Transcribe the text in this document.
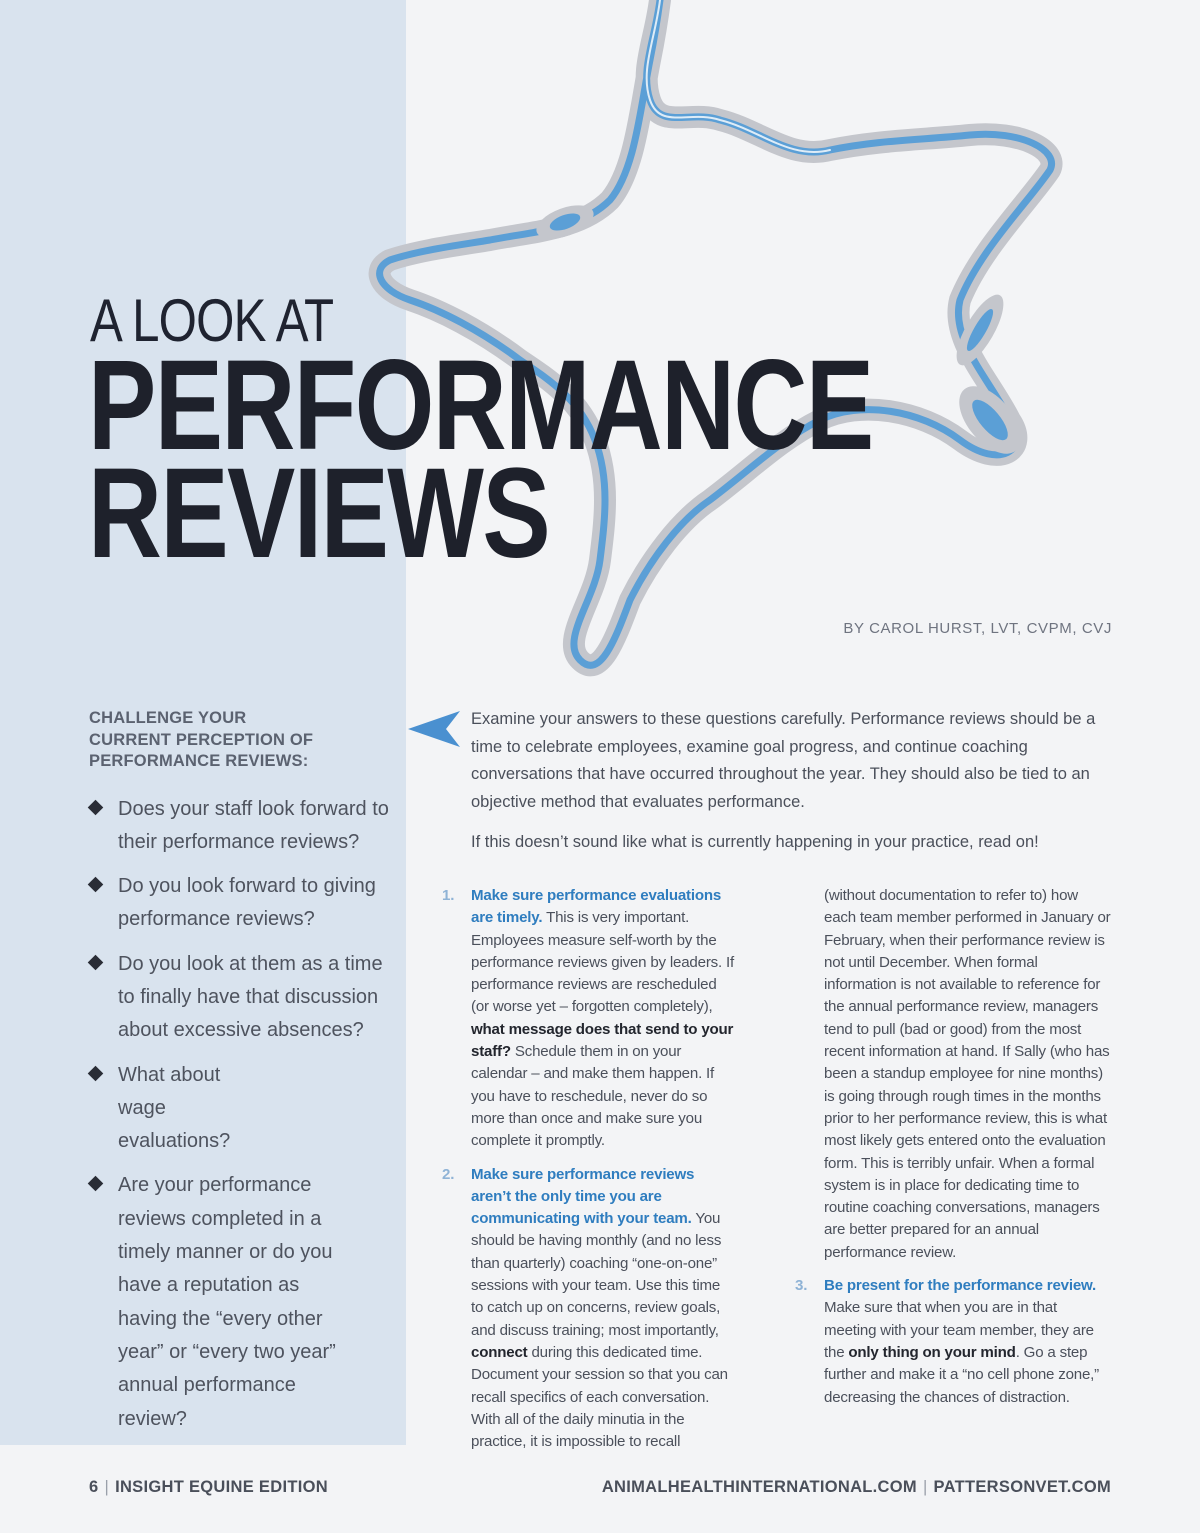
A LOOK AT
PERFORMANCE
REVIEWS
BY CAROL HURST, LVT, CVPM, CVJ
CHALLENGE YOUR
CURRENT PERCEPTION OF
PERFORMANCE REVIEWS:
Does your staff look forward to their performance reviews?
Do you look forward to giving performance reviews?
Do you look at them as a time to finally have that discussion about excessive absences?
What about wage evaluations?
Are your performance reviews completed in a timely manner or do you have a reputation as having the “every other year” or “every two year” annual performance review?

Examine your answers to these questions carefully. Performance reviews should be a time to celebrate employees, examine goal progress, and continue coaching conversations that have occurred throughout the year. They should also be tied to an objective method that evaluates performance.

If this doesn’t sound like what is currently happening in your practice, read on!

1. Make sure performance evaluations are timely. This is very important. Employees measure self-worth by the performance reviews given by leaders. If performance reviews are rescheduled (or worse yet – forgotten completely), what message does that send to your staff? Schedule them in on your calendar – and make them happen. If you have to reschedule, never do so more than once and make sure you complete it promptly.
2. Make sure performance reviews aren’t the only time you are communicating with your team. You should be having monthly (and no less than quarterly) coaching “one-on-one” sessions with your team. Use this time to catch up on concerns, review goals, and discuss training; most importantly, connect during this dedicated time. Document your session so that you can recall specifics of each conversation. With all of the daily minutia in the practice, it is impossible to recall
(without documentation to refer to) how each team member performed in January or February, when their performance review is not until December. When formal information is not available to reference for the annual performance review, managers tend to pull (bad or good) from the most recent information at hand. If Sally (who has been a standup employee for nine months) is going through rough times in the months prior to her performance review, this is what most likely gets entered onto the evaluation form. This is terribly unfair. When a formal system is in place for dedicating time to routine coaching conversations, managers are better prepared for an annual performance review.
3. Be present for the performance review. Make sure that when you are in that meeting with your team member, they are the only thing on your mind. Go a step further and make it a “no cell phone zone,” decreasing the chances of distraction.
6 | INSIGHT EQUINE EDITION	ANIMALHEALTHINTERNATIONAL.COM | PATTERSONVET.COM
